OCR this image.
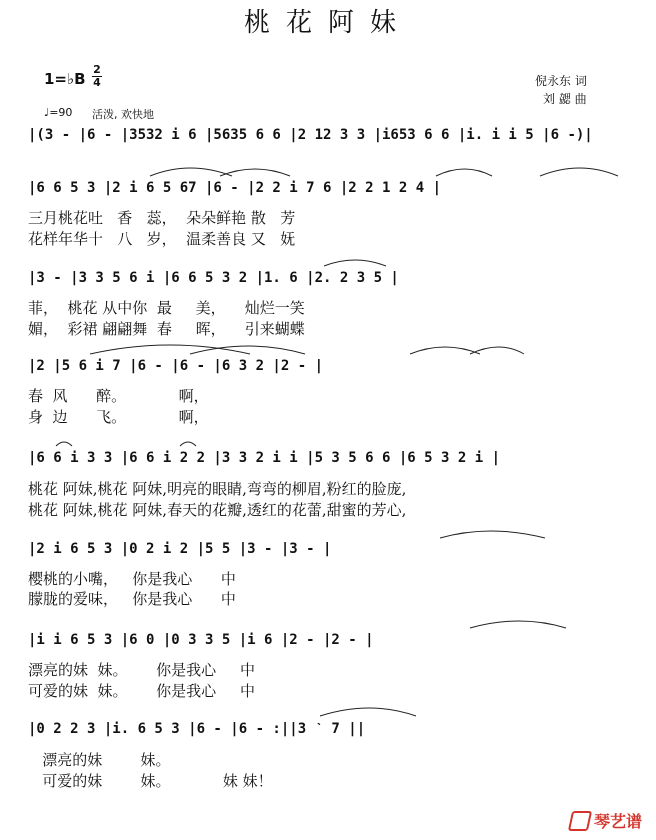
桃花阿妹
倪永东 词
刘 勰 曲
1=♭B
2
4
♩=90 活泼, 欢快地
|(3 - |6 - |3532 i 6 |5635 6 6 |2 12 3 3 |i653 6 6 |i. i i 5 |6 -)|
|6 6 5 3 |2 i 6 5 67 |6 - |2 2 i 7 6 |2 2 1 2 4 |
三月桃花吐   香   蕊，  朵朵鲜艳 散   芳
花样年华十   八   岁，  温柔善良 又   妩
|3 - |3 3 5 6 i |6 6 5 3 2 |1. 6 |2. 2 3 5 |
菲，  桃花 从中你  最     美，    灿烂一笑
媚，  彩裙 翩翩舞  春     晖，    引来蝴蝶
|2 |5 6 i 7 |6 - |6 - |6 3 2 |2 - |
春  风      醉。           啊，
身  边      飞。           啊，
|6 6 i 3 3 |6 6 i 2 2 |3 3 2 i i |5 3 5 6 6 |6 5 3 2 i |
桃花 阿妹,桃花 阿妹,明亮的眼睛,弯弯的柳眉,粉红的脸庞,
桃花 阿妹,桃花 阿妹,春天的花瓣,透红的花蕾,甜蜜的芳心,
|2 i 6 5 3 |0 2 i 2 |5 5 |3 - |3 - |
樱桃的小嘴，   你是我心      中
朦胧的爱味，   你是我心      中
|i i 6 5 3 |6 0 |0 3 3 5 |i 6 |2 - |2 - |
漂亮的妹  妹。      你是我心     中
可爱的妹  妹。      你是我心     中
|0 2 2 3 |i. 6 5 3 |6 - |6 - :||3 ˋ 7 ||
漂亮的妹        妹。
可爱的妹        妹。           妹 妹！
琴艺谱
